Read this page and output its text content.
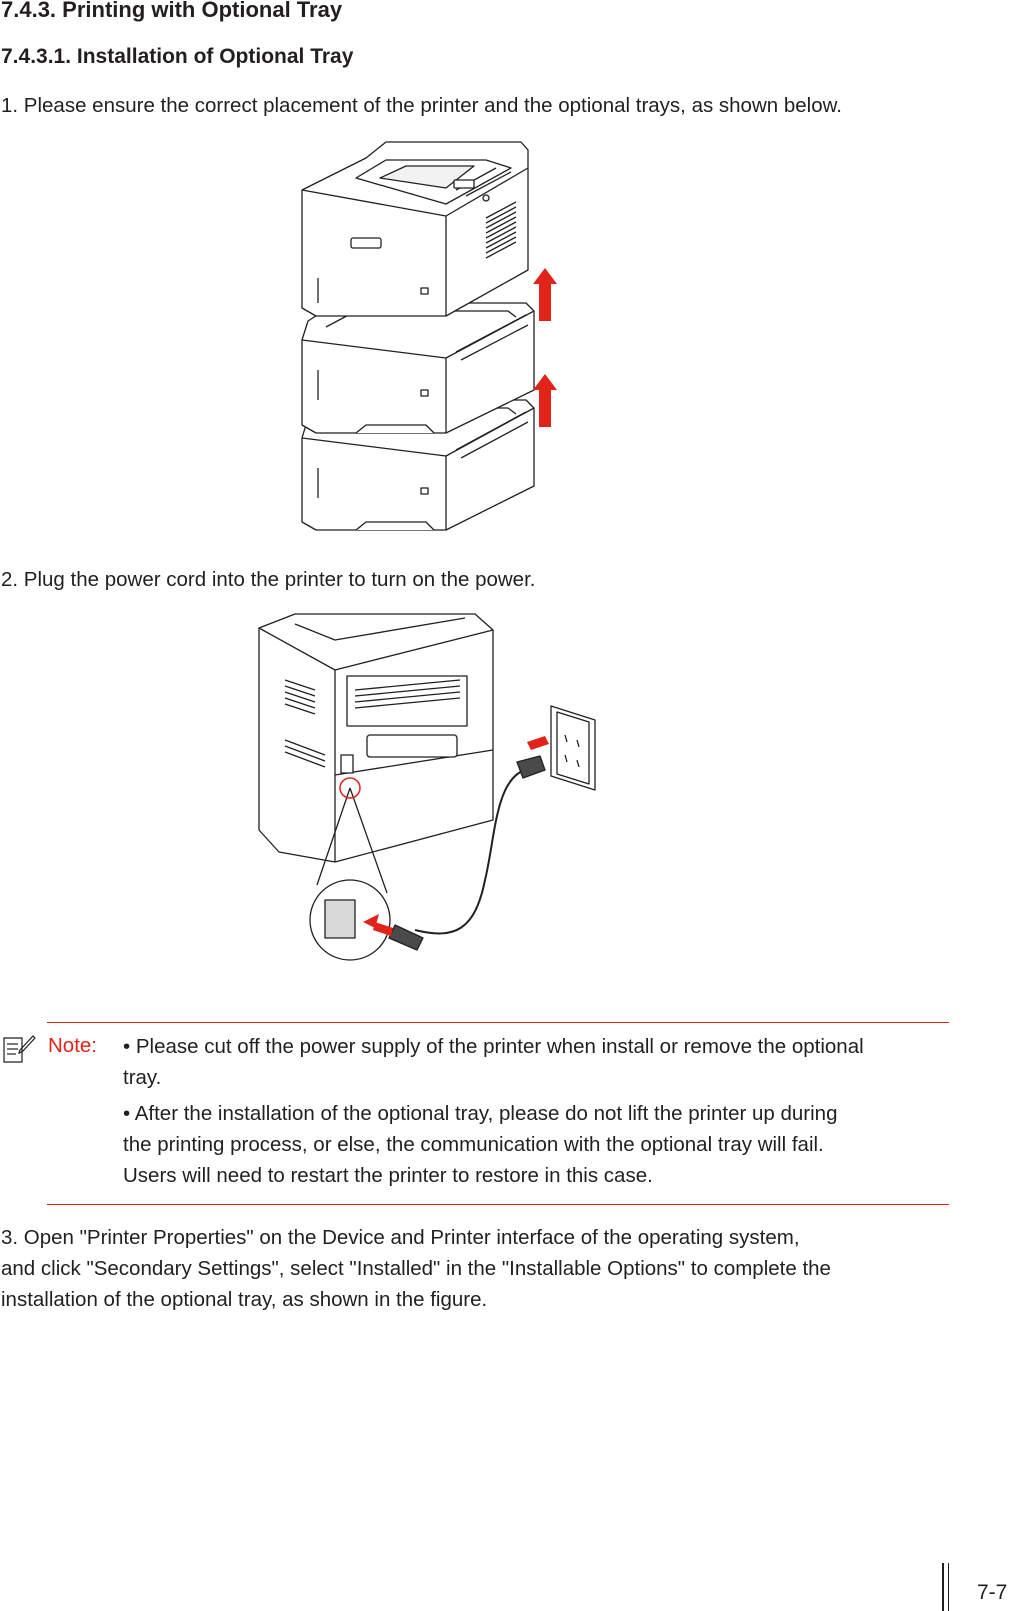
7.4.3. Printing with Optional Tray
7.4.3.1. Installation of Optional Tray

1. Please ensure the correct placement of the printer and the optional trays, as shown below.

2. Plug the power cord into the printer to turn on the power.

Note: • Please cut off the power supply of the printer when install or remove the optional

tray.

• After the installation of the optional tray, please do not lift the printer up during

the printing process, or else, the communication with the optional tray will fail.

Users will need to restart the printer to restore in this case.

3. Open "Printer Properties" on the Device and Printer interface of the operating system,

and click "Secondary Settings", select "Installed" in the "Installable Options" to complete the

installation of the optional tray, as shown in the figure.

7-7
